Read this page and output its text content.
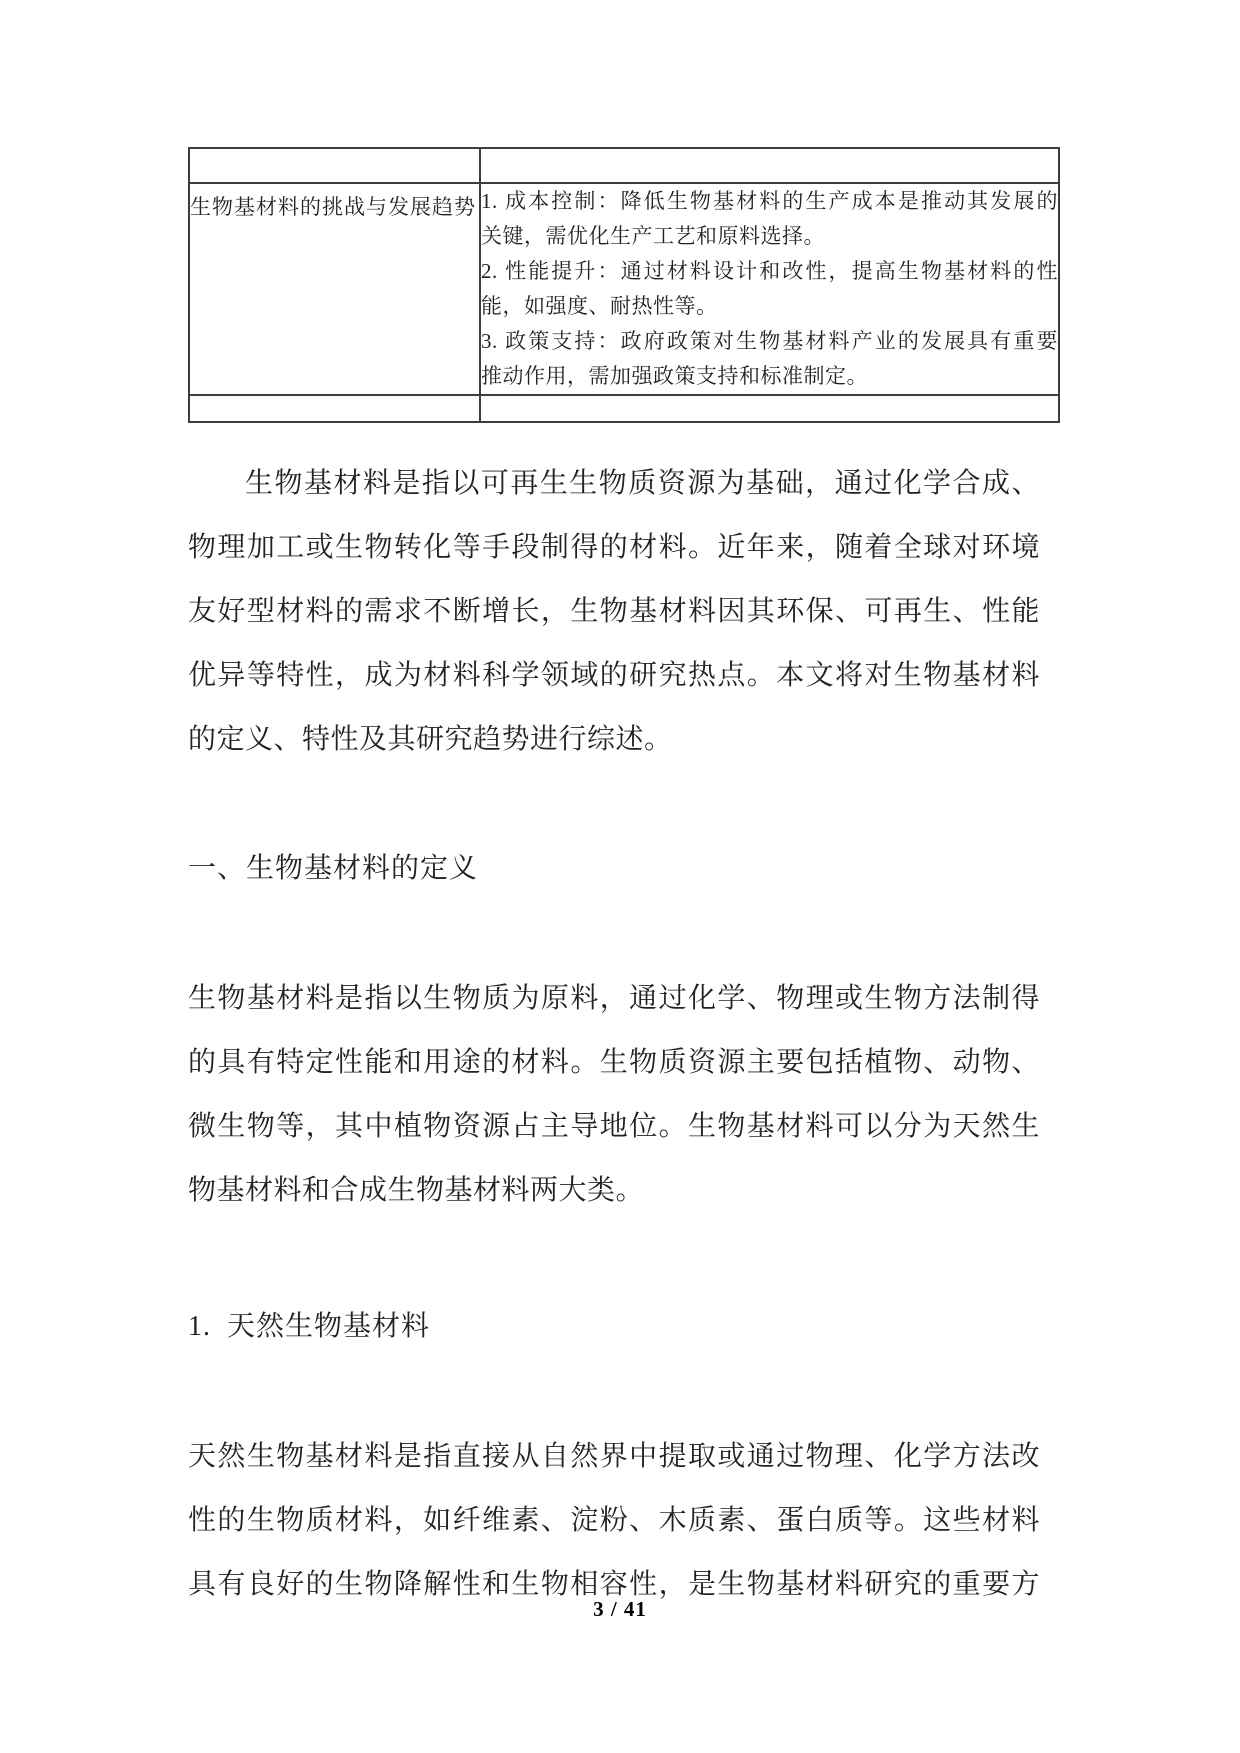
生物基材料的挑战与发展趋势	1. 成本控制：降低生物基材料的生产成本是推动其发展的
关键，需优化生产工艺和原料选择。
2. 性能提升：通过材料设计和改性，提高生物基材料的性
能，如强度、耐热性等。
3. 政策支持：政府政策对生物基材料产业的发展具有重要
推动作用，需加强政策支持和标准制定。

生物基材料是指以可再生生物质资源为基础，通过化学合成、
物理加工或生物转化等手段制得的材料。近年来，随着全球对环境
友好型材料的需求不断增长，生物基材料因其环保、可再生、性能
优异等特性，成为材料科学领域的研究热点。本文将对生物基材料
的定义、特性及其研究趋势进行综述。
一、生物基材料的定义
生物基材料是指以生物质为原料，通过化学、物理或生物方法制得
的具有特定性能和用途的材料。生物质资源主要包括植物、动物、
微生物等，其中植物资源占主导地位。生物基材料可以分为天然生
物基材料和合成生物基材料两大类。
1.  天然生物基材料
天然生物基材料是指直接从自然界中提取或通过物理、化学方法改
性的生物质材料，如纤维素、淀粉、木质素、蛋白质等。这些材料
具有良好的生物降解性和生物相容性，是生物基材料研究的重要方
3 / 41
